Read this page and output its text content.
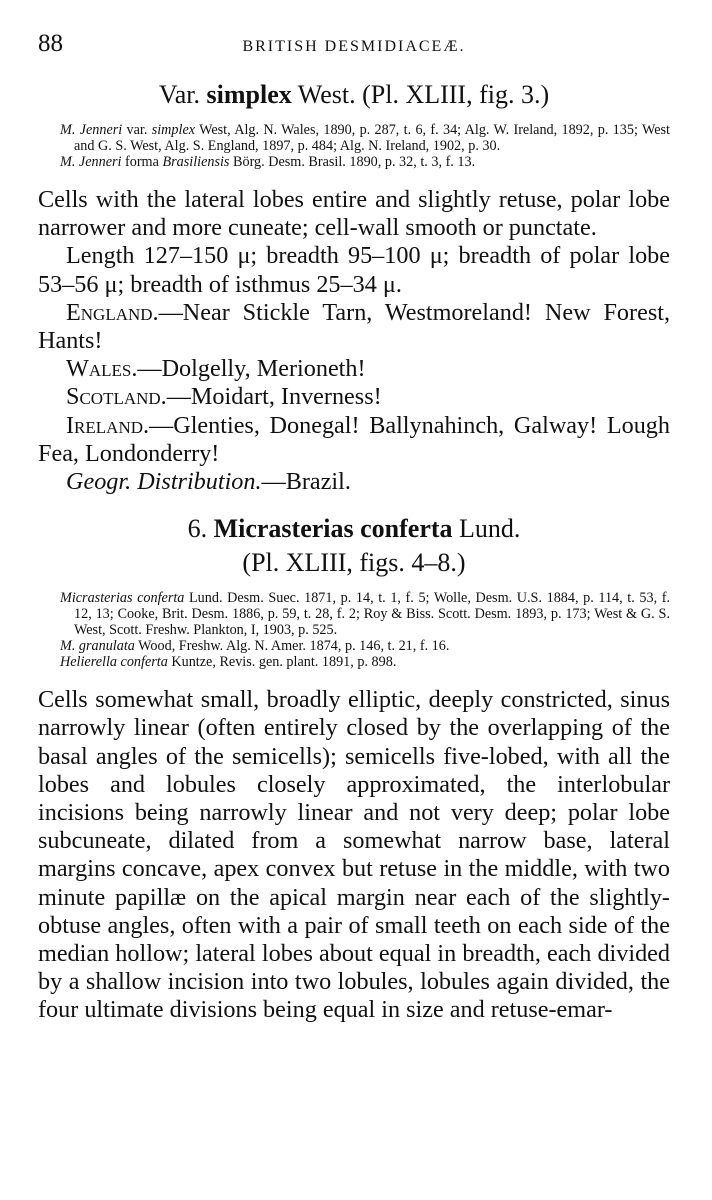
88	BRITISH DESMIDIACEÆ.
Var. simplex West. (Pl. XLIII, fig. 3.)

M. Jenneri var. simplex West, Alg. N. Wales, 1890, p. 287, t. 6, f. 34; Alg. W. Ireland, 1892, p. 135; West and G. S. West, Alg. S. England, 1897, p. 484; Alg. N. Ireland, 1902, p. 30.

M. Jenneri forma Brasiliensis Börg. Desm. Brasil. 1890, p. 32, t. 3, f. 13.

Cells with the lateral lobes entire and slightly retuse, polar lobe narrower and more cuneate; cell-wall smooth or punctate.

Length 127–150 μ; breadth 95–100 μ; breadth of polar lobe 53–56 μ; breadth of isthmus 25–34 μ.

England.—Near Stickle Tarn, Westmoreland! New Forest, Hants!

Wales.—Dolgelly, Merioneth!

Scotland.—Moidart, Inverness!

Ireland.—Glenties, Donegal! Ballynahinch, Galway! Lough Fea, Londonderry!

Geogr. Distribution.—Brazil.

6. Micrasterias conferta Lund.
(Pl. XLIII, figs. 4–8.)

Micrasterias conferta Lund. Desm. Suec. 1871, p. 14, t. 1, f. 5; Wolle, Desm. U.S. 1884, p. 114, t. 53, f. 12, 13; Cooke, Brit. Desm. 1886, p. 59, t. 28, f. 2; Roy & Biss. Scott. Desm. 1893, p. 173; West & G. S. West, Scott. Freshw. Plankton, I, 1903, p. 525.

M. granulata Wood, Freshw. Alg. N. Amer. 1874, p. 146, t. 21, f. 16.

Helierella conferta Kuntze, Revis. gen. plant. 1891, p. 898.

Cells somewhat small, broadly elliptic, deeply constricted, sinus narrowly linear (often entirely closed by the overlapping of the basal angles of the semicells); semicells five-lobed, with all the lobes and lobules closely approximated, the interlobular incisions being narrowly linear and not very deep; polar lobe subcuneate, dilated from a somewhat narrow base, lateral margins concave, apex convex but retuse in the middle, with two minute papillæ on the apical margin near each of the slightly-obtuse angles, often with a pair of small teeth on each side of the median hollow; lateral lobes about equal in breadth, each divided by a shallow incision into two lobules, lobules again divided, the four ultimate divisions being equal in size and retuse-emar-
